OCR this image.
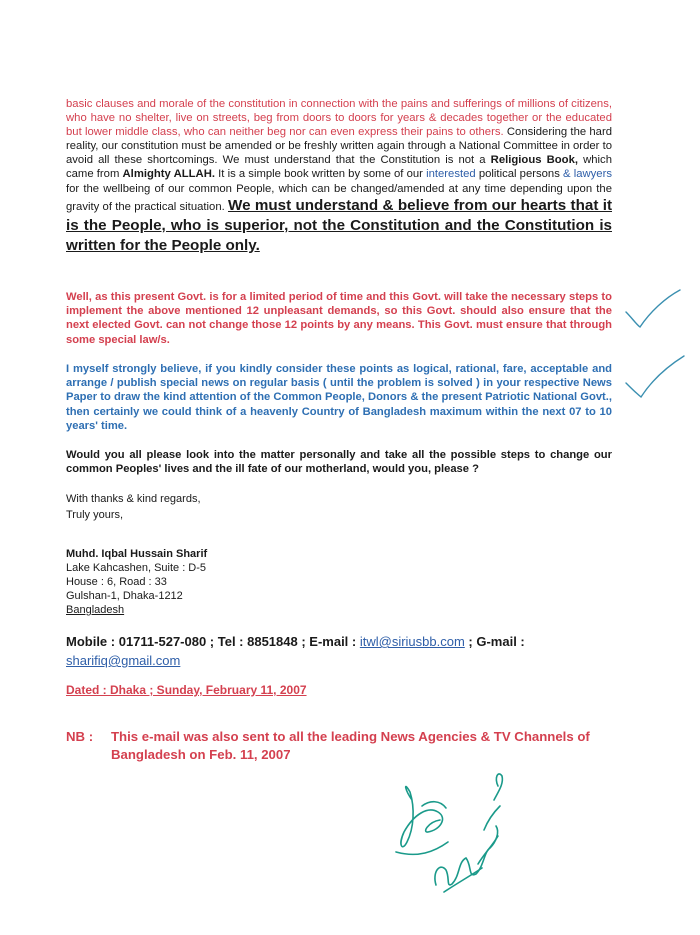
basic clauses and morale of the constitution in connection with the pains and sufferings of millions of citizens, who have no shelter, live on streets, beg from doors to doors for years & decades together or the educated but lower middle class, who can neither beg nor can even express their pains to others. Considering the hard reality, our constitution must be amended or be freshly written again through a National Committee in order to avoid all these shortcomings. We must understand that the Constitution is not a Religious Book, which came from Almighty ALLAH. It is a simple book written by some of our interested political persons & lawyers for the wellbeing of our common People, which can be changed/amended at any time depending upon the gravity of the practical situation. We must understand & believe from our hearts that it is the People, who is superior, not the Constitution and the Constitution is written for the People only.

Well, as this present Govt. is for a limited period of time and this Govt. will take the necessary steps to implement the above mentioned 12 unpleasant demands, so this Govt. should also ensure that the next elected Govt. can not change those 12 points by any means. This Govt. must ensure that through some special law/s.

I myself strongly believe, if you kindly consider these points as logical, rational, fare, acceptable and arrange / publish special news on regular basis ( until the problem is solved ) in your respective News Paper to draw the kind attention of the Common People, Donors & the present Patriotic National Govt., then certainly we could think of a heavenly Country of Bangladesh maximum within the next 07 to 10 years' time.

Would you all please look into the matter personally and take all the possible steps to change our common Peoples' lives and the ill fate of our motherland, would you, please ?

With thanks & kind regards,
Truly yours,
Muhd. Iqbal Hussain Sharif
Lake Kahcashen, Suite : D-5
House : 6, Road : 33
Gulshan-1, Dhaka-1212
Bangladesh
Mobile : 01711-527-080 ; Tel : 8851848 ; E-mail : itwl@siriusbb.com ; G-mail : sharifiq@gmail.com
Dated : Dhaka ; Sunday, February 11, 2007
NB :	This e-mail was also sent to all the leading News Agencies & TV Channels of Bangladesh on Feb. 11, 2007
